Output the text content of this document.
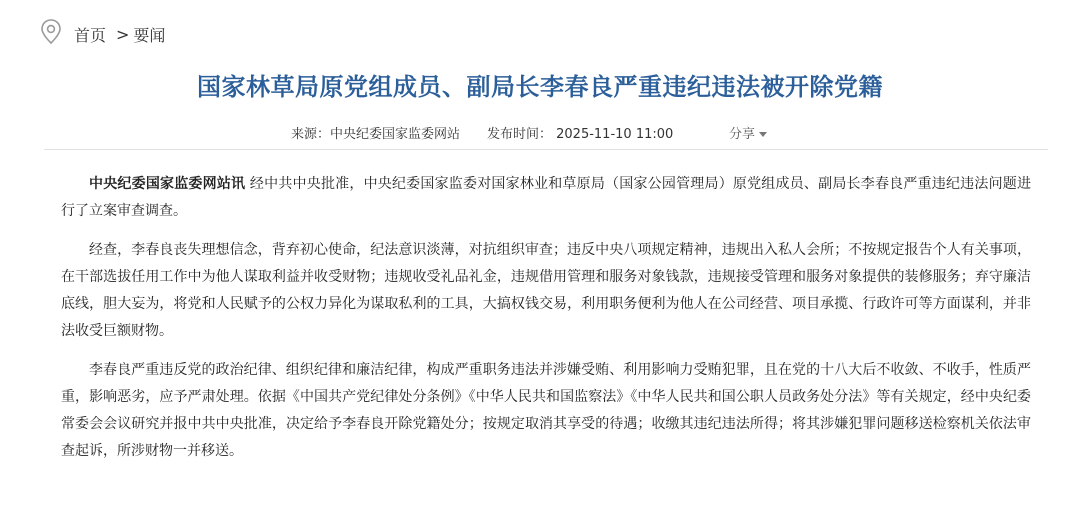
首页 > 要闻
国家林草局原党组成员、副局长李春良严重违纪违法被开除党籍
来源：中央纪委国家监委网站 发布时间： 2025-11-10 11:00	分享

中央纪委国家监委网站讯 经中共中央批准，中央纪委国家监委对国家林业和草原局（国家公园管理局）原党组成员、副局长李春良严重违纪违法问题进行了立案审查调查。

经查，李春良丧失理想信念，背弃初心使命，纪法意识淡薄，对抗组织审查；违反中央八项规定精神，违规出入私人会所；不按规定报告个人有关事项，在干部选拔任用工作中为他人谋取利益并收受财物；违规收受礼品礼金，违规借用管理和服务对象钱款，违规接受管理和服务对象提供的装修服务；弃守廉洁底线，胆大妄为，将党和人民赋予的公权力异化为谋取私利的工具，大搞权钱交易，利用职务便利为他人在公司经营、项目承揽、行政许可等方面谋利，并非法收受巨额财物。

李春良严重违反党的政治纪律、组织纪律和廉洁纪律，构成严重职务违法并涉嫌受贿、利用影响力受贿犯罪，且在党的十八大后不收敛、不收手，性质严重，影响恶劣，应予严肃处理。依据《中国共产党纪律处分条例》《中华人民共和国监察法》《中华人民共和国公职人员政务处分法》等有关规定，经中央纪委常委会会议研究并报中共中央批准，决定给予李春良开除党籍处分；按规定取消其享受的待遇；收缴其违纪违法所得；将其涉嫌犯罪问题移送检察机关依法审查起诉，所涉财物一并移送。
